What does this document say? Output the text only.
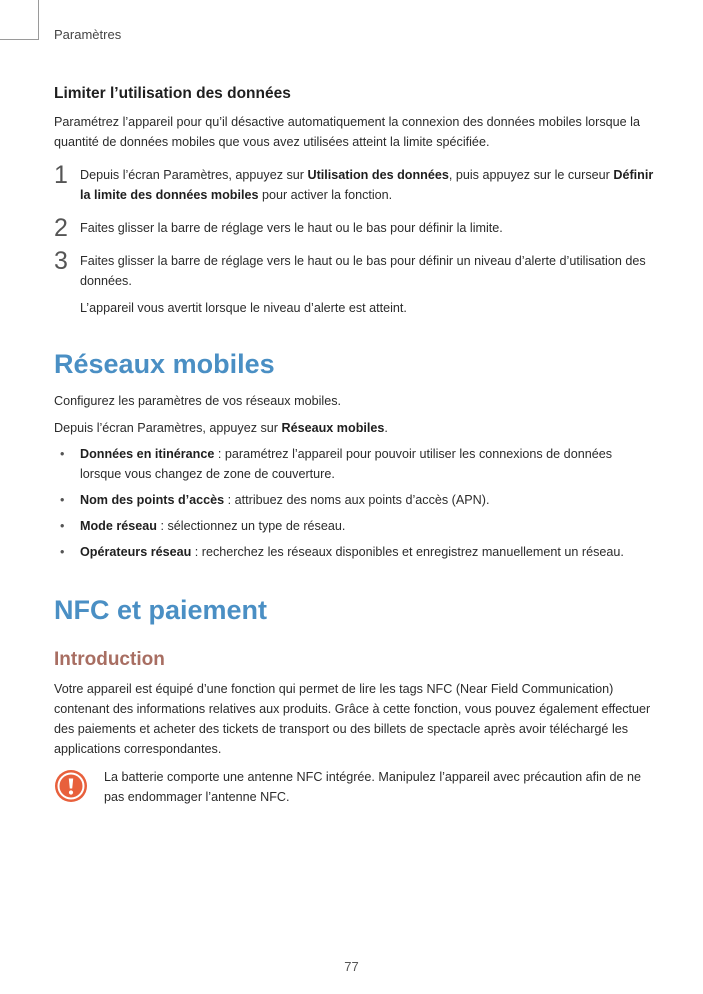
Paramètres
Limiter l’utilisation des données

Paramétrez l’appareil pour qu’il désactive automatiquement la connexion des données mobiles lorsque la quantité de données mobiles que vous avez utilisées atteint la limite spécifiée.

1 Depuis l’écran Paramètres, appuyez sur Utilisation des données, puis appuyez sur le curseur Définir la limite des données mobiles pour activer la fonction.

2 Faites glisser la barre de réglage vers le haut ou le bas pour définir la limite.

3 Faites glisser la barre de réglage vers le haut ou le bas pour définir un niveau d’alerte d’utilisation des données.

L’appareil vous avertit lorsque le niveau d’alerte est atteint.

Réseaux mobiles

Configurez les paramètres de vos réseaux mobiles.

Depuis l’écran Paramètres, appuyez sur Réseaux mobiles.

• Données en itinérance : paramétrez l’appareil pour pouvoir utiliser les connexions de données lorsque vous changez de zone de couverture.
• Nom des points d’accès : attribuez des noms aux points d’accès (APN).
• Mode réseau : sélectionnez un type de réseau.
• Opérateurs réseau : recherchez les réseaux disponibles et enregistrez manuellement un réseau.
NFC et paiement
Introduction

Votre appareil est équipé d’une fonction qui permet de lire les tags NFC (Near Field Communication) contenant des informations relatives aux produits. Grâce à cette fonction, vous pouvez également effectuer des paiements et acheter des tickets de transport ou des billets de spectacle après avoir téléchargé les applications correspondantes.

La batterie comporte une antenne NFC intégrée. Manipulez l’appareil avec précaution afin de ne pas endommager l’antenne NFC.

77
